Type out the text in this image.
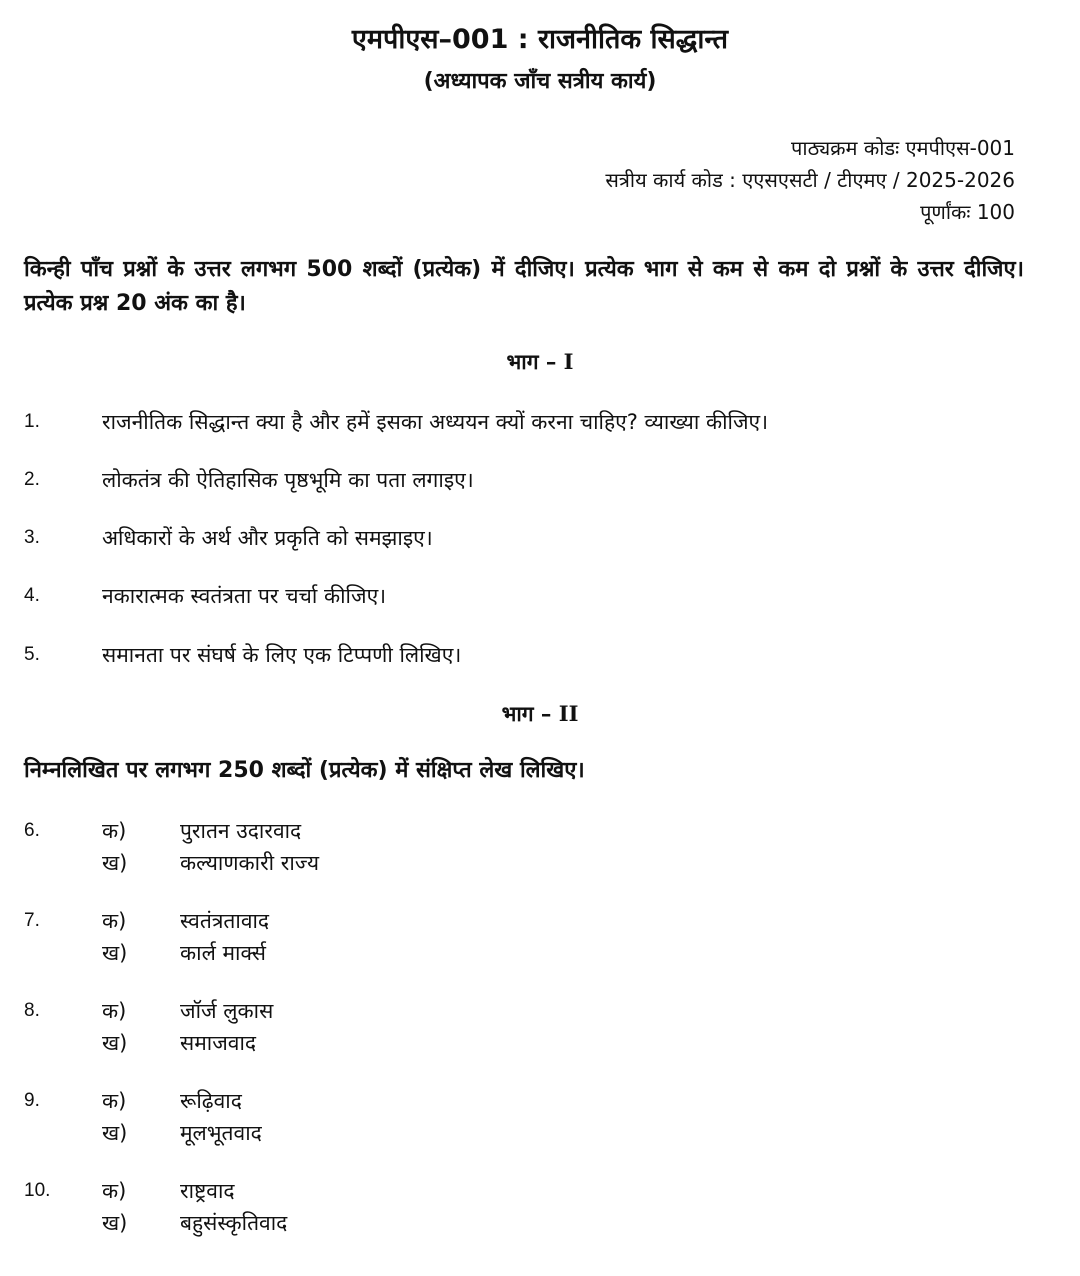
एमपीएस–001 : राजनीतिक सिद्धान्त
(अध्यापक जाँच सत्रीय कार्य)
पाठ्यक्रम कोडः एमपीएस-001
सत्रीय कार्य कोड : एएसएसटी / टीएमए / 2025-2026
पूर्णांकः 100
किन्ही पाँच प्रश्नों के उत्तर लगभग 500 शब्दों (प्रत्येक) में दीजिए। प्रत्येक भाग से कम से कम दो प्रश्नों के उत्तर दीजिए। प्रत्येक प्रश्न 20 अंक का है।
भाग – I
1.	राजनीतिक सिद्धान्त क्या है और हमें इसका अध्ययन क्यों करना चाहिए? व्याख्या कीजिए।
2.	लोकतंत्र की ऐतिहासिक पृष्ठभूमि का पता लगाइए।
3.	अधिकारों के अर्थ और प्रकृति को समझाइए।
4.	नकारात्मक स्वतंत्रता पर चर्चा कीजिए।
5.	समानता पर संघर्ष के लिए एक टिप्पणी लिखिए।
भाग – II
निम्नलिखित पर लगभग 250 शब्दों (प्रत्येक) में संक्षिप्त लेख लिखिए।
6.	क)	पुरातन उदारवाद
ख)	कल्याणकारी राज्य
7.	क)	स्वतंत्रतावाद
ख)	कार्ल मार्क्स
8.	क)	जॉर्ज लुकास
ख)	समाजवाद
9.	क)	रूढ़िवाद
ख)	मूलभूतवाद
10. क)	राष्ट्रवाद
ख)	बहुसंस्कृतिवाद
